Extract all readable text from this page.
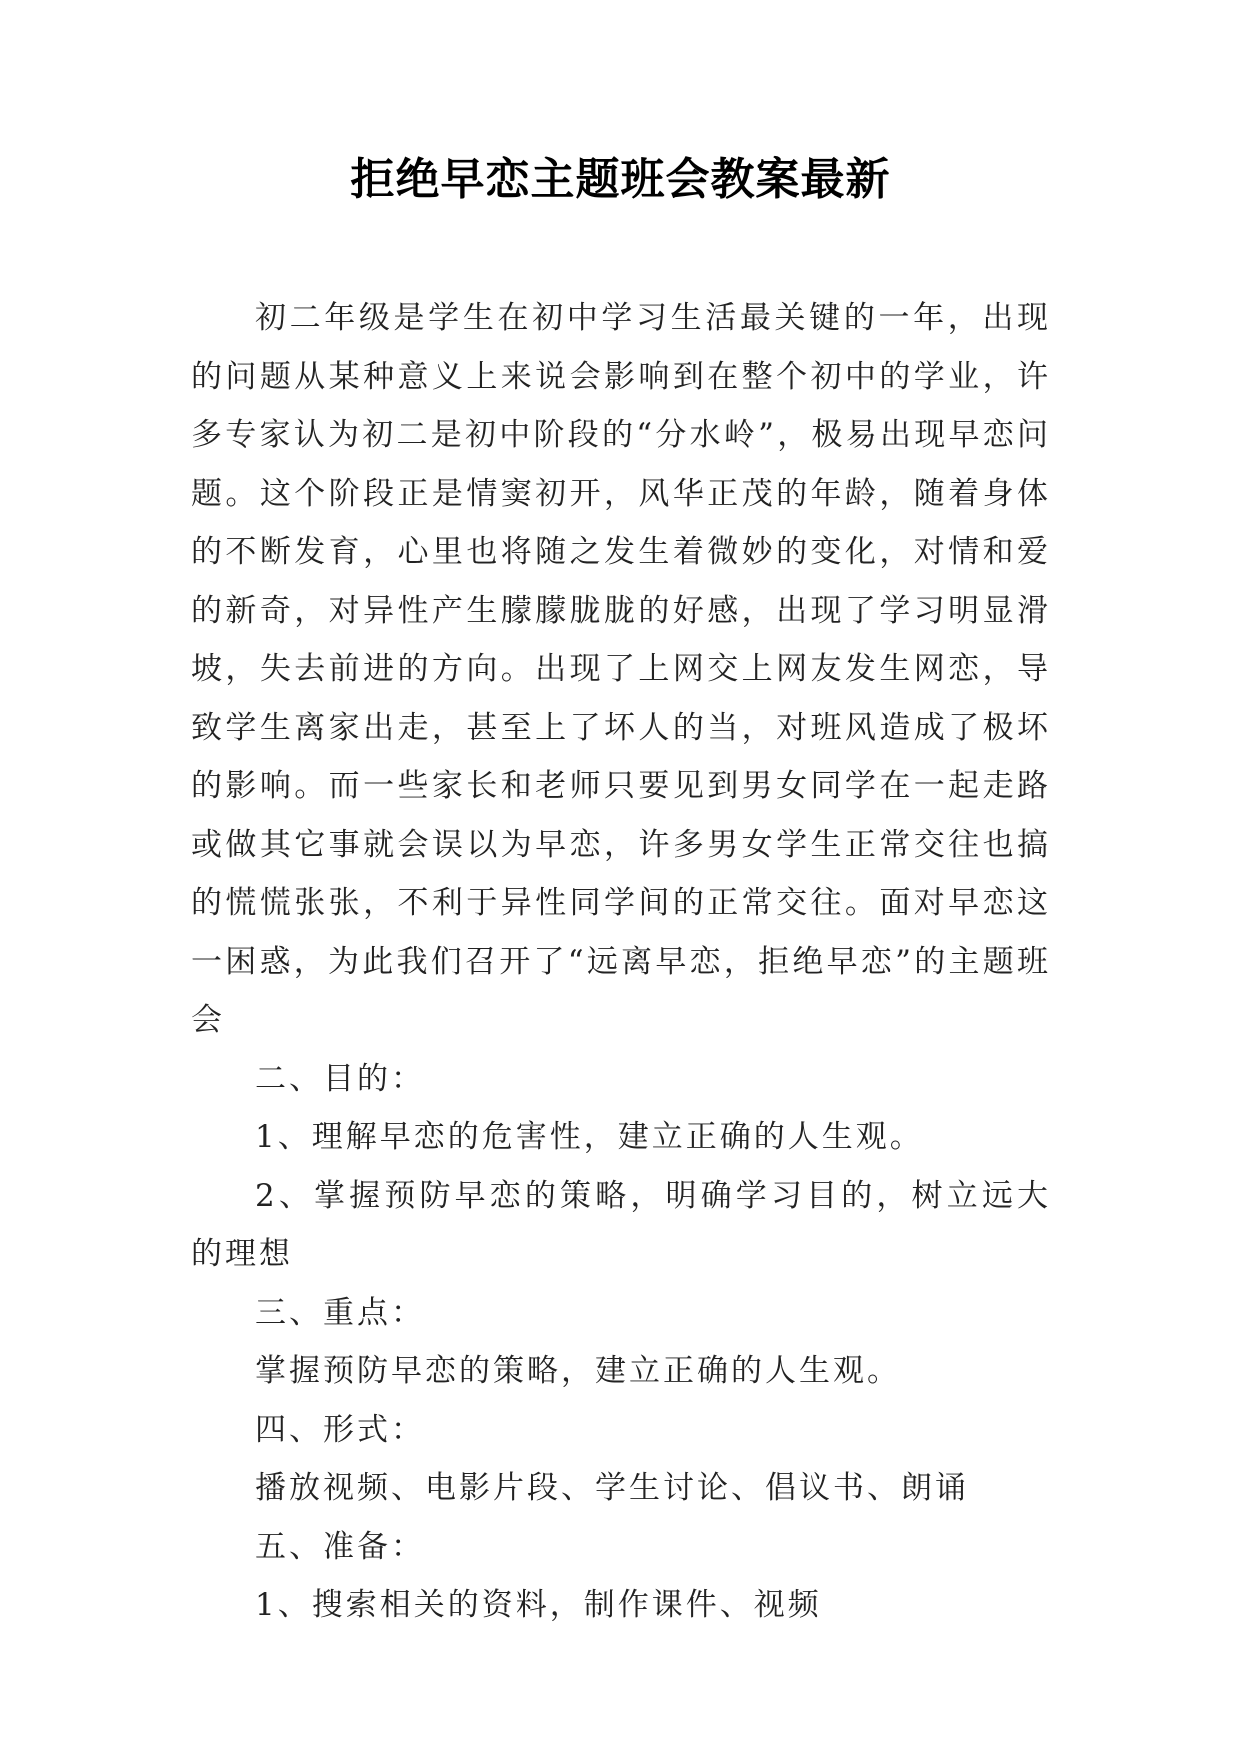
拒绝早恋主题班会教案最新

初二年级是学生在初中学习生活最关键的一年，出现的问题从某种意义上来说会影响到在整个初中的学业，许多专家认为初二是初中阶段的“分水岭”，极易出现早恋问题。这个阶段正是情窦初开，风华正茂的年龄，随着身体的不断发育，心里也将随之发生着微妙的变化，对情和爱的新奇，对异性产生朦朦胧胧的好感，出现了学习明显滑坡，失去前进的方向。出现了上网交上网友发生网恋，导致学生离家出走，甚至上了坏人的当，对班风造成了极坏的影响。而一些家长和老师只要见到男女同学在一起走路或做其它事就会误以为早恋，许多男女学生正常交往也搞的慌慌张张，不利于异性同学间的正常交往。面对早恋这一困惑，为此我们召开了“远离早恋，拒绝早恋”的主题班会

二、目的：

1、理解早恋的危害性，建立正确的人生观。

2、掌握预防早恋的策略，明确学习目的，树立远大的理想

三、重点：

掌握预防早恋的策略，建立正确的人生观。

四、形式：

播放视频、电影片段、学生讨论、倡议书、朗诵

五、准备：

1、搜索相关的资料，制作课件、视频
